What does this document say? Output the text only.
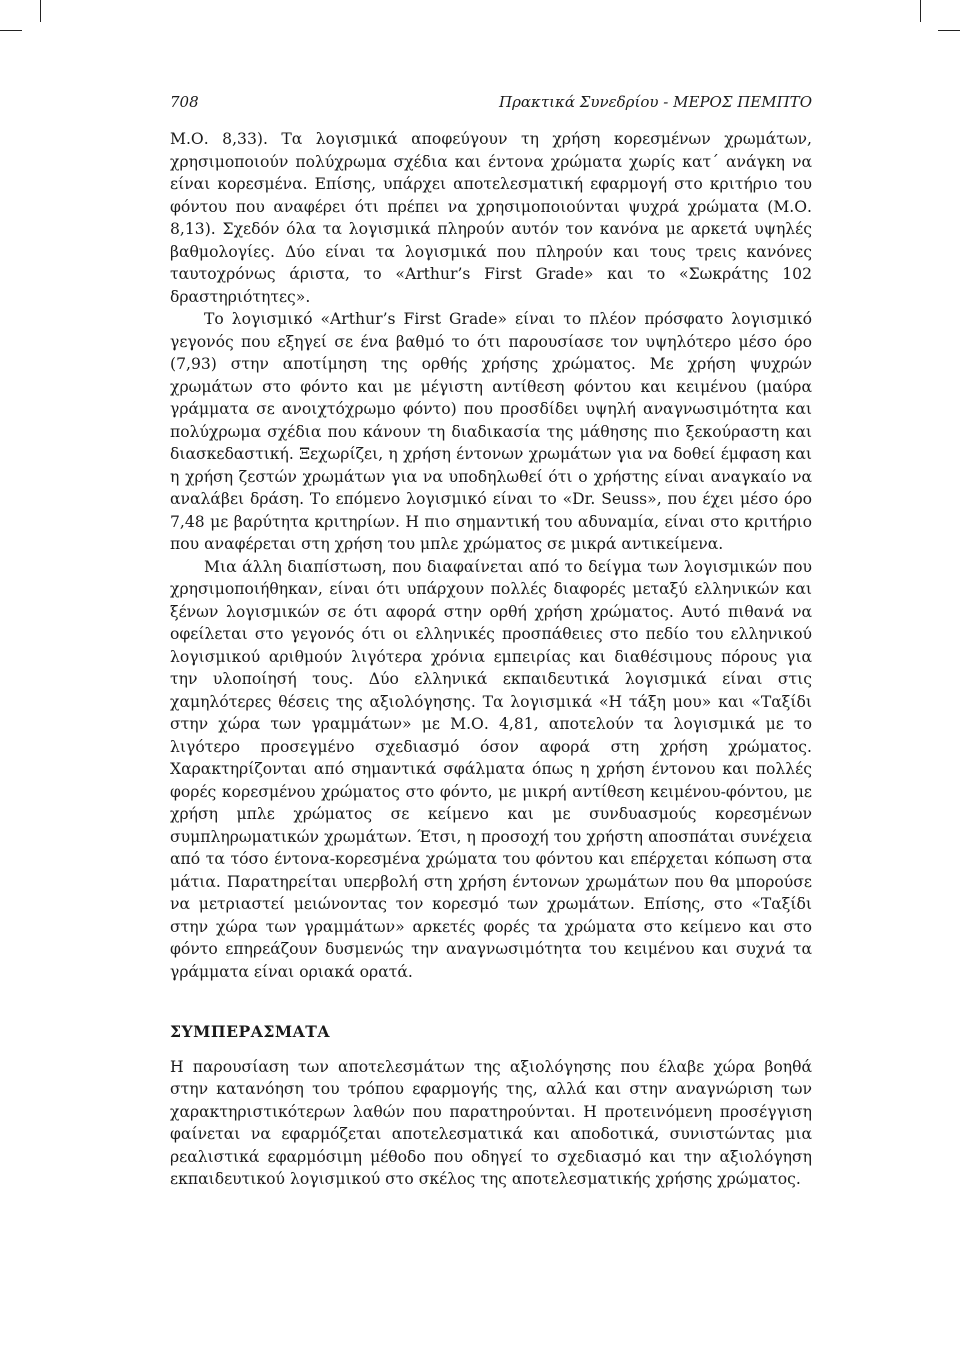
708	Πρακτικά Συνεδρίου - ΜΕΡΟΣ ΠΕΜΠΤΟ

Μ.Ο. 8,33). Τα λογισμικά αποφεύγουν τη χρήση κορεσμένων χρωμάτων, χρησιμοποιούν πολύχρωμα σχέδια και έντονα χρώματα χωρίς κατ΄ ανάγκη να είναι κορεσμένα. Επίσης, υπάρχει αποτελεσματική εφαρμογή στο κριτήριο του φόντου που αναφέρει ότι πρέπει να χρησιμοποιούνται ψυχρά χρώματα (Μ.Ο. 8,13). Σχεδόν όλα τα λογισμικά πληρούν αυτόν τον κανόνα με αρκετά υψηλές βαθμολογίες. Δύο είναι τα λογισμικά που πληρούν και τους τρεις κανόνες ταυτοχρόνως άριστα, το «Arthur’s First Grade» και το «Σωκράτης 102 δραστηριότητες».

Το λογισμικό «Arthur’s First Grade» είναι το πλέον πρόσφατο λογισμικό γεγονός που εξηγεί σε ένα βαθμό το ότι παρουσίασε τον υψηλότερο μέσο όρο (7,93) στην αποτίμηση της ορθής χρήσης χρώματος. Με χρήση ψυχρών χρωμάτων στο φόντο και με μέγιστη αντίθεση φόντου και κειμένου (μαύρα γράμματα σε ανοιχτόχρωμο φόντο) που προσδίδει υψηλή αναγνωσιμότητα και πολύχρωμα σχέδια που κάνουν τη διαδικασία της μάθησης πιο ξεκούραστη και διασκεδαστική. Ξεχωρίζει, η χρήση έντονων χρωμάτων για να δοθεί έμφαση και η χρήση ζεστών χρωμάτων για να υποδηλωθεί ότι ο χρήστης είναι αναγκαίο να αναλάβει δράση. Το επόμενο λογισμικό είναι το «Dr. Seuss», που έχει μέσο όρο 7,48 με βαρύτητα κριτηρίων. Η πιο σημαντική του αδυναμία, είναι στο κριτήριο που αναφέρεται στη χρήση του μπλε χρώματος σε μικρά αντικείμενα.

Μια άλλη διαπίστωση, που διαφαίνεται από το δείγμα των λογισμικών που χρησιμοποιήθηκαν, είναι ότι υπάρχουν πολλές διαφορές μεταξύ ελληνικών και ξένων λογισμικών σε ότι αφορά στην ορθή χρήση χρώματος. Αυτό πιθανά να οφείλεται στο γεγονός ότι οι ελληνικές προσπάθειες στο πεδίο του ελληνικού λογισμικού αριθμούν λιγότερα χρόνια εμπειρίας και διαθέσιμους πόρους για την υλοποίησή τους. Δύο ελληνικά εκπαιδευτικά λογισμικά είναι στις χαμηλότερες θέσεις της αξιολόγησης. Τα λογισμικά «Η τάξη μου» και «Ταξίδι στην χώρα των γραμμάτων» με Μ.Ο. 4,81, αποτελούν τα λογισμικά με το λιγότερο προσεγμένο σχεδιασμό όσον αφορά στη χρήση χρώματος. Χαρακτηρίζονται από σημαντικά σφάλματα όπως η χρήση έντονου και πολλές φορές κορεσμένου χρώματος στο φόντο, με μικρή αντίθεση κειμένου-φόντου, με χρήση μπλε χρώματος σε κείμενο και με συνδυασμούς κορεσμένων συμπληρωματικών χρωμάτων. Έτσι, η προσοχή του χρήστη αποσπάται συνέχεια από τα τόσο έντονα-κορεσμένα χρώματα του φόντου και επέρχεται κόπωση στα μάτια. Παρατηρείται υπερβολή στη χρήση έντονων χρωμάτων που θα μπορούσε να μετριαστεί μειώνοντας τον κορεσμό των χρωμάτων. Επίσης, στο «Ταξίδι στην χώρα των γραμμάτων» αρκετές φορές τα χρώματα στο κείμενο και στο φόντο επηρεάζουν δυσμενώς την αναγνωσιμότητα του κειμένου και συχνά τα γράμματα είναι οριακά ορατά.

ΣΥΜΠΕΡΑΣΜΑΤΑ

Η παρουσίαση των αποτελεσμάτων της αξιολόγησης που έλαβε χώρα βοηθά στην κατανόηση του τρόπου εφαρμογής της, αλλά και στην αναγνώριση των χαρακτηριστικότερων λαθών που παρατηρούνται. Η προτεινόμενη προσέγγιση φαίνεται να εφαρμόζεται αποτελεσματικά και αποδοτικά, συνιστώντας μια ρεαλιστικά εφαρμόσιμη μέθοδο που οδηγεί το σχεδιασμό και την αξιολόγηση εκπαιδευτικού λογισμικού στο σκέλος της αποτελεσματικής χρήσης χρώματος.
